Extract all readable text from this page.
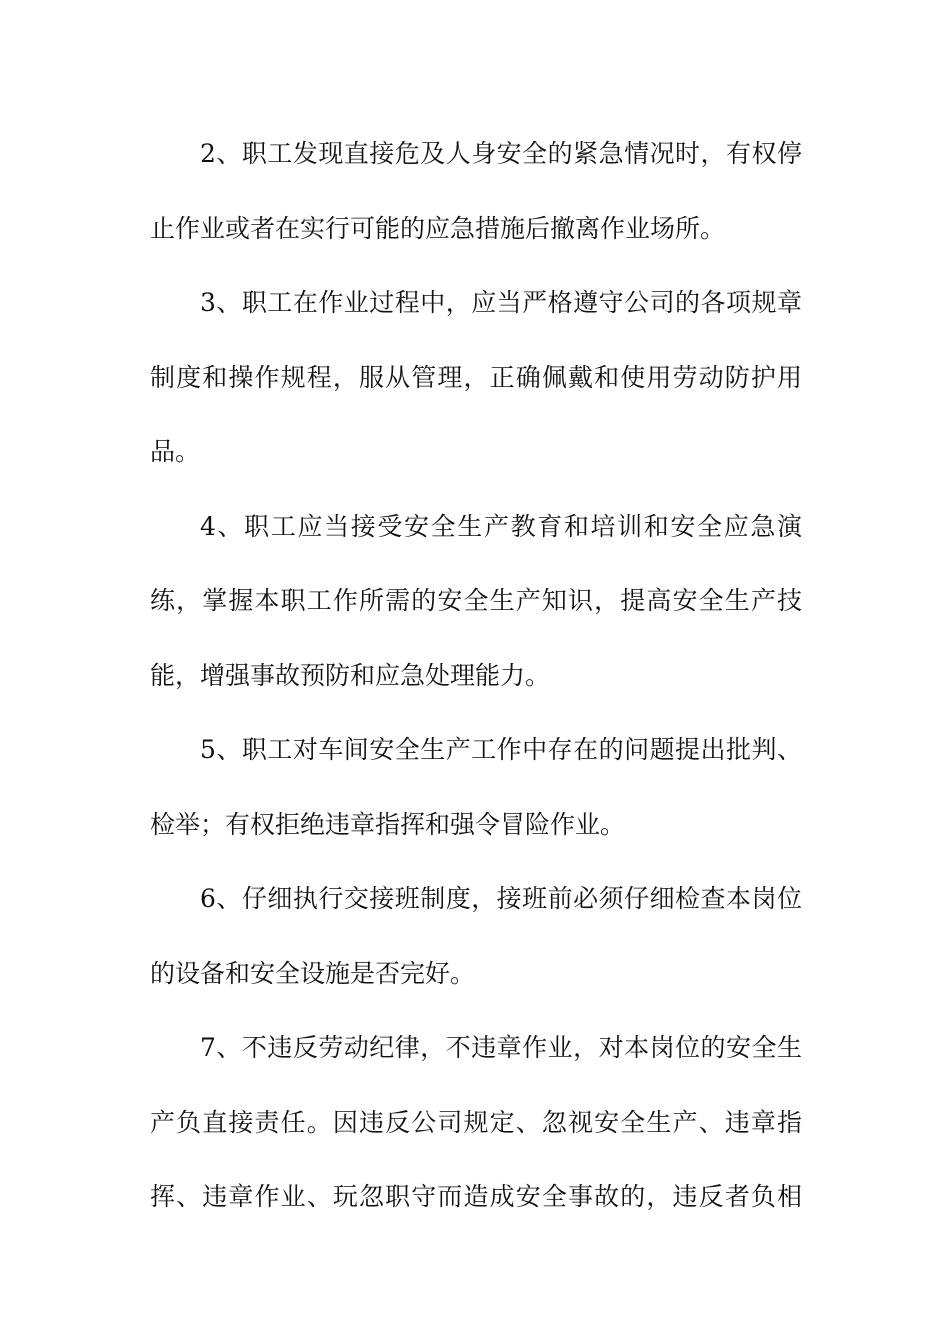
2、职工发现直接危及人身安全的紧急情况时，有权停
止作业或者在实行可能的应急措施后撤离作业场所。
3、职工在作业过程中，应当严格遵守公司的各项规章
制度和操作规程，服从管理，正确佩戴和使用劳动防护用
品。
4、职工应当接受安全生产教育和培训和安全应急演
练，掌握本职工作所需的安全生产知识，提高安全生产技
能，增强事故预防和应急处理能力。
5、职工对车间安全生产工作中存在的问题提出批判、
检举；有权拒绝违章指挥和强令冒险作业。
6、仔细执行交接班制度，接班前必须仔细检查本岗位
的设备和安全设施是否完好。
7、不违反劳动纪律，不违章作业，对本岗位的安全生
产负直接责任。因违反公司规定、忽视安全生产、违章指
挥、违章作业、玩忽职守而造成安全事故的，违反者负相
